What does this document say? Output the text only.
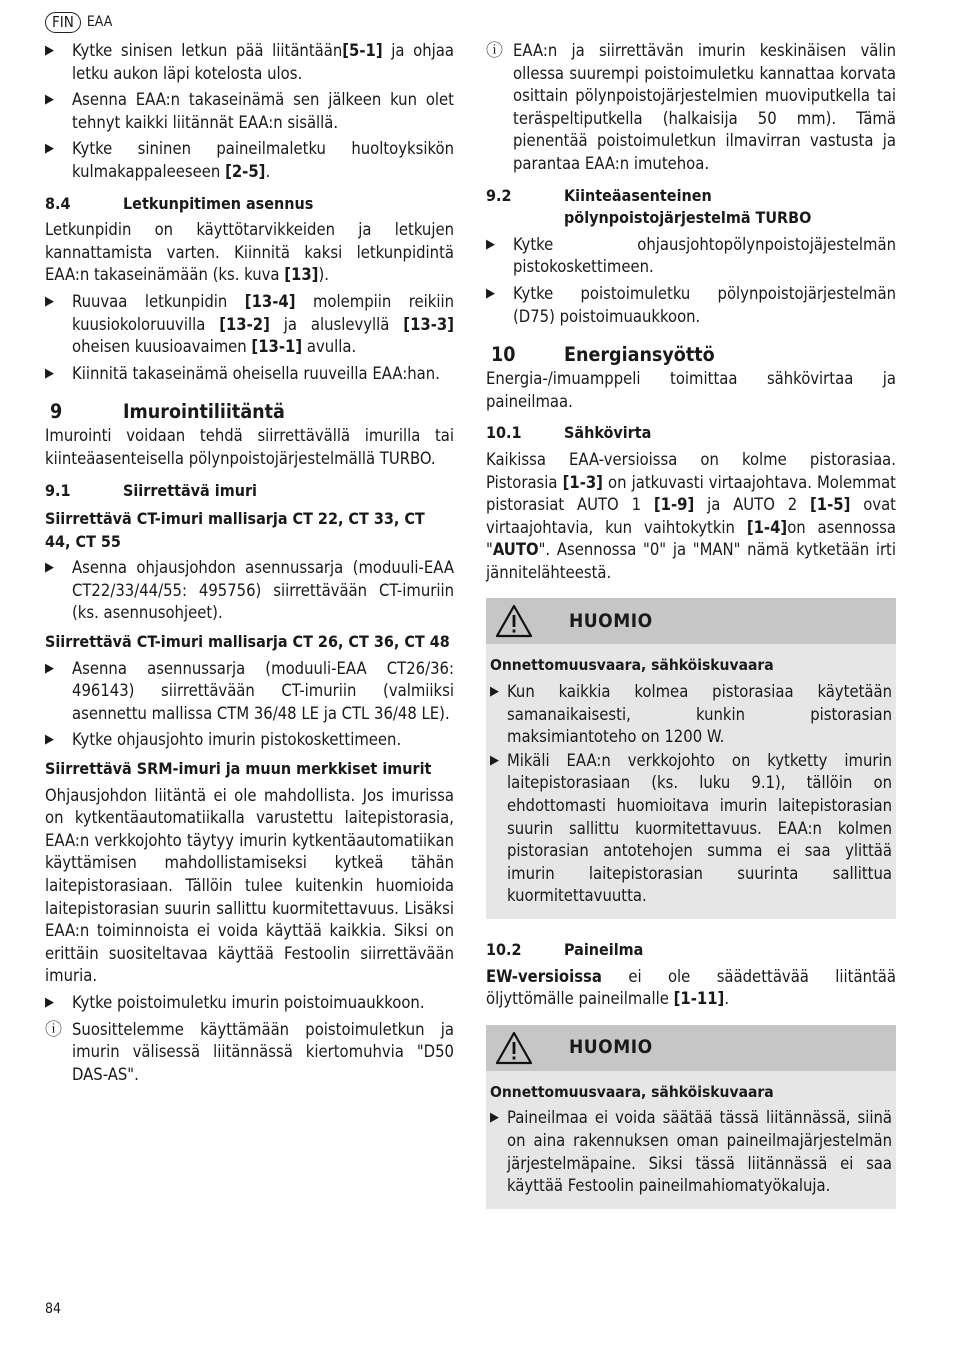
FIN EAA
▶	Kytke sinisen letkun pää liitäntään[5-1] ja ohjaa letku aukon läpi kotelosta ulos.
▶	Asenna EAA:n takaseinämä sen jälkeen kun olet tehnyt kaikki liitännät EAA:n sisällä.
▶	Kytke sininen paineilmaletku huoltoyksikön kulmakappaleeseen [2-5].
8.4	Letkunpitimen asennus

Letkunpidin on käyttötarvikkeiden ja letkujen kannattamista varten. Kiinnitä kaksi letkunpidintä EAA:n takaseinämään (ks. kuva [13]).

▶	Ruuvaa letkunpidin [13-4] molempiin reikiin kuusiokoloruuvilla [13-2] ja aluslevyllä [13-3] oheisen kuusioavaimen [13-1] avulla.
▶	Kiinnitä takaseinämä oheisella ruuveilla EAA:han.
9	Imurointiliitäntä

Imurointi voidaan tehdä siirrettävällä imurilla tai kiinteäasenteisella pölynpoistojärjestelmällä TURBO.

9.1	Siirrettävä imuri
Siirrettävä CT-imuri mallisarja CT 22, CT 33, CT 44, CT 55
▶	Asenna ohjausjohdon asennussarja (moduuli-EAA CT22/33/44/55: 495756) siirrettävään CT-imuriin (ks. asennusohjeet).
Siirrettävä CT-imuri mallisarja CT 26, CT 36, CT 48
▶	Asenna asennussarja (moduuli-EAA CT26/36: 496143) siirrettävään CT-imuriin (valmiiksi asennettu mallissa CTM 36/48 LE ja CTL 36/48 LE).
▶	Kytke ohjausjohto imurin pistokoskettimeen.
Siirrettävä SRM-imuri ja muun merkkiset imurit

Ohjausjohdon liitäntä ei ole mahdollista. Jos imurissa on kytkentäautomatiikalla varustettu laitepistorasia, EAA:n verkkojohto täytyy imurin kytkentäautomatiikan käyttämisen mahdollistamiseksi kytkeä tähän laitepistorasiaan. Tällöin tulee kuitenkin huomioida laitepistorasian suurin sallittu kuormitettavuus. Lisäksi EAA:n toiminnoista ei voida käyttää kaikkia. Siksi on erittäin suositeltavaa käyttää Festoolin siirrettävään imuria.

▶	Kytke poistoimuletku imurin poistoimuaukkoon.
ⓘ Suosittelemme käyttämään poistoimuletkun ja imurin välisessä liitännässä kiertomuhvia "D50 DAS-AS".
ⓘ EAA:n ja siirrettävän imurin keskinäisen välin ollessa suurempi poistoimuletku kannattaa korvata osittain pölynpoistojärjestelmien muoviputkella tai teräspeltiputkella (halkaisija 50 mm). Tämä pienentää poistoimuletkun ilmavirran vastusta ja parantaa EAA:n imutehoa.
9.2	Kiinteäasenteinen pölynpoistojärjestelmä TURBO
▶	Kytke ohjausjohtopölynpoistojäjestelmän pistokoskettimeen.
▶	Kytke poistoimuletku pölynpoistojärjestelmän (D75) poistoimuaukkoon.
10	Energiansyöttö

Energia-/imuamppeli toimittaa sähkövirtaa ja paineilmaa.

10.1	Sähkövirta

Kaikissa EAA-versioissa on kolme pistorasiaa. Pistorasia [1-3] on jatkuvasti virtaajohtava. Molemmat pistorasiat AUTO 1 [1-9] ja AUTO 2 [1-5] ovat virtaajohtavia, kun vaihtokytkin [1-4]on asennossa "AUTO". Asennossa "0" ja "MAN" nämä kytketään irti jännitelähteestä.

HUOMIO
Onnettomuusvaara, sähköiskuvaara
▶ Kun kaikkia kolmea pistorasiaa käytetään samanaikaisesti, kunkin pistorasian maksimiantoteho on 1200 W.
▶ Mikäli EAA:n verkkojohto on kytketty imurin laitepistorasiaan (ks. luku 9.1), tällöin on ehdottomasti huomioitava imurin laitepistorasian suurin sallittu kuormitettavuus. EAA:n kolmen pistorasian antotehojen summa ei saa ylittää imurin laitepistorasian suurinta sallittua kuormitettavuutta.
10.2	Paineilma

EW-versioissa ei ole säädettävää liitäntää öljyttömälle paineilmalle [1-11].

HUOMIO
Onnettomuusvaara, sähköiskuvaara
▶ Paineilmaa ei voida säätää tässä liitännässä, siinä on aina rakennuksen oman paineilmajärjestelmän järjestelmäpaine. Siksi tässä liitännässä ei saa käyttää Festoolin paineilmahiomatyökaluja.
84
